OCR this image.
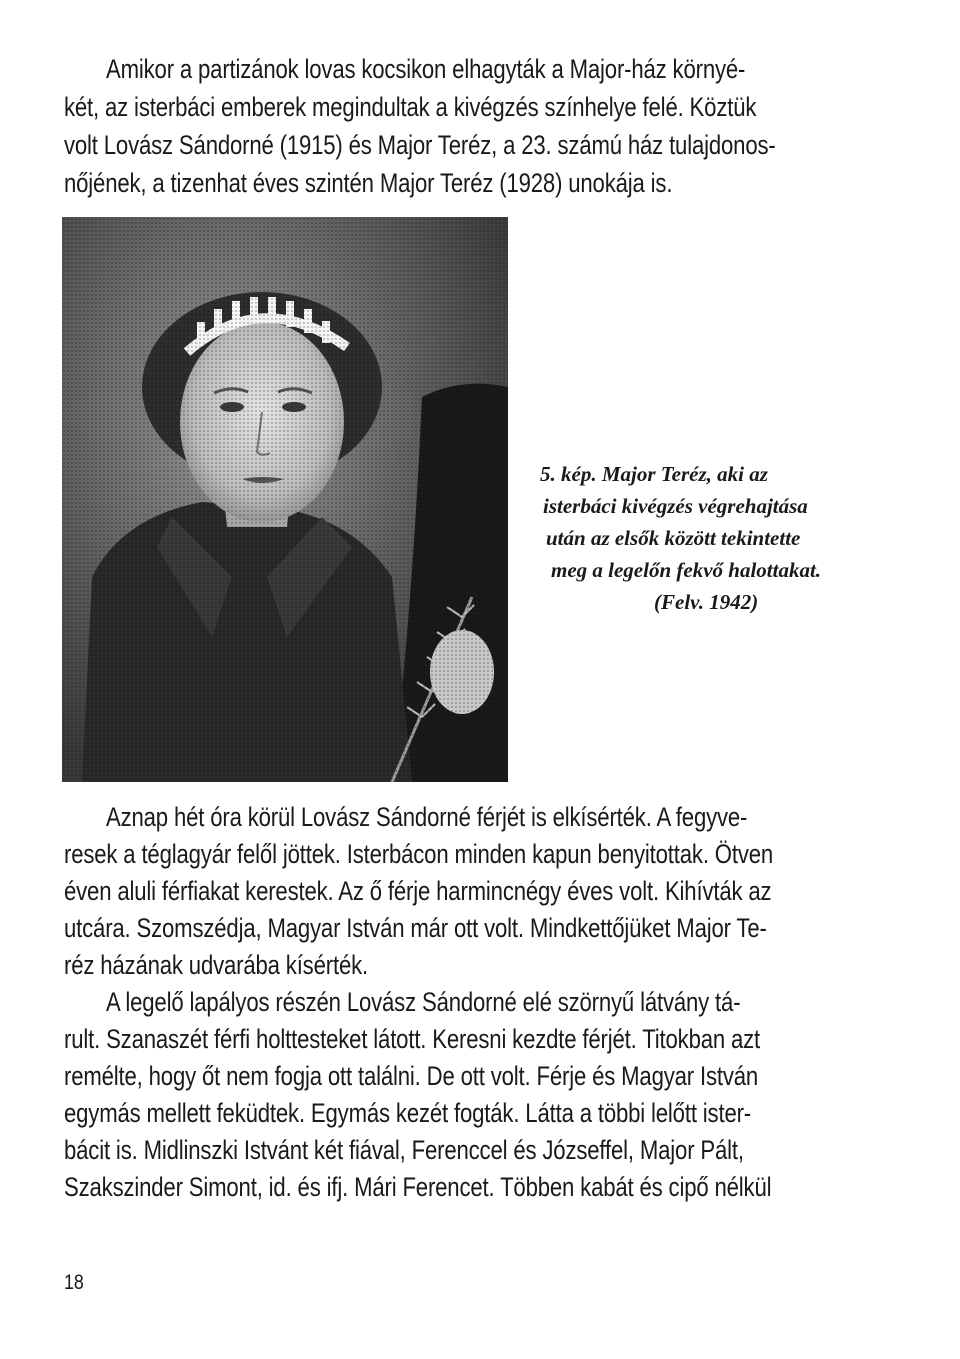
Amikor a partizánok lovas kocsikon elhagyták a Major-ház környé-
két, az isterbáci emberek megindultak a kivégzés színhelye felé. Köztük
volt Lovász Sándorné (1915) és Major Teréz, a 23. számú ház tulajdonos-
nőjének, a tizenhat éves szintén Major Teréz (1928) unokája is.
5. kép. Major Teréz, aki az
isterbáci kivégzés végrehajtása
után az elsők között tekintette
meg a legelőn fekvő halottakat.
(Felv. 1942)
Aznap hét óra körül Lovász Sándorné férjét is elkísérték. A fegyve-
resek a téglagyár felől jöttek. Isterbácon minden kapun benyitottak. Ötven
éven aluli férfiakat kerestek. Az ő férje harmincnégy éves volt. Kihívták az
utcára. Szomszédja, Magyar István már ott volt. Mindkettőjüket Major Te-
réz házának udvarába kísérték.
A legelő lapályos részén Lovász Sándorné elé szörnyű látvány tá-
rult. Szanaszét férfi holttesteket látott. Keresni kezdte férjét. Titokban azt
remélte, hogy őt nem fogja ott találni. De ott volt. Férje és Magyar István
egymás mellett feküdtek. Egymás kezét fogták. Látta a többi lelőtt ister-
bácit is. Midlinszki Istvánt két fiával, Ferenccel és Józseffel, Major Pált,
Szakszinder Simont, id. és ifj. Mári Ferencet. Többen kabát és cipő nélkül
18
